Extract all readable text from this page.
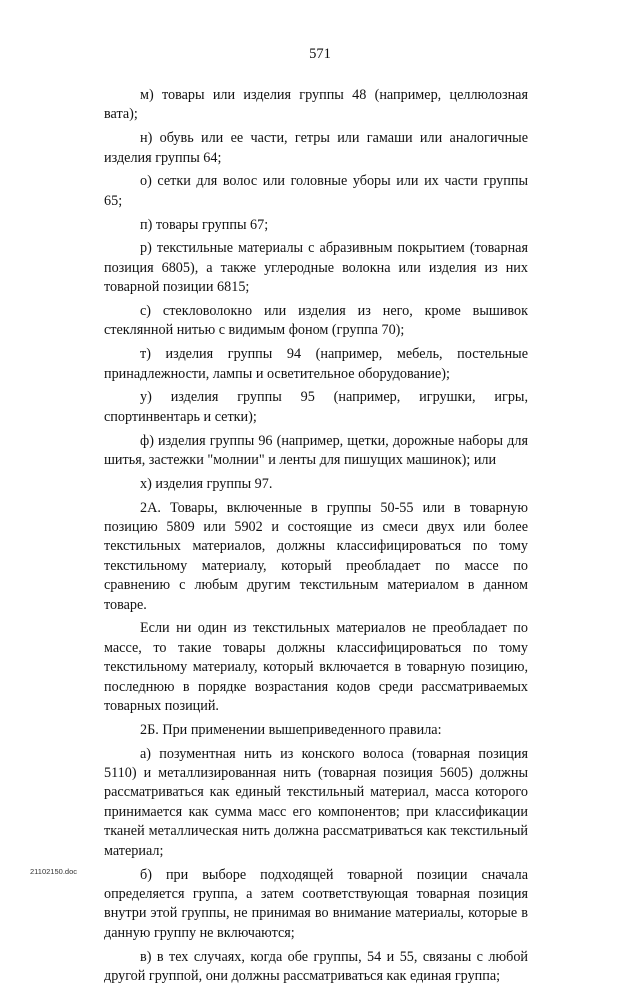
571

м) товары или изделия группы 48 (например, целлюлозная вата);

н) обувь или ее части, гетры или гамаши или аналогичные изделия группы 64;

о) сетки для волос или головные уборы или их части группы 65;

п) товары группы 67;

р) текстильные материалы с абразивным покрытием (товарная позиция 6805), а также углеродные волокна или изделия из них товарной позиции 6815;

с) стекловолокно или изделия из него, кроме вышивок стеклянной нитью с видимым фоном (группа 70);

т) изделия группы 94 (например, мебель, постельные принадлежности, лампы и осветительное оборудование);

у) изделия группы 95 (например, игрушки, игры, спортинвентарь и сетки);

ф) изделия группы 96 (например, щетки, дорожные наборы для шитья, застежки "молнии" и ленты для пишущих машинок); или

х) изделия группы 97.

2А. Товары, включенные в группы 50-55 или в товарную позицию 5809 или 5902 и состоящие из смеси двух или более текстильных материалов, должны классифицироваться по тому текстильному материалу, который преобладает по массе по сравнению с любым другим текстильным материалом в данном товаре.

Если ни один из текстильных материалов не преобладает по массе, то такие товары должны классифицироваться по тому текстильному материалу, который включается в товарную позицию, последнюю в порядке возрастания кодов среди рассматриваемых товарных позиций.

2Б. При применении вышеприведенного правила:

а) позументная нить из конского волоса (товарная позиция 5110) и металлизированная нить (товарная позиция 5605) должны рассматриваться как единый текстильный материал, масса которого принимается как сумма масс его компонентов; при классификации тканей металлическая нить должна рассматриваться как текстильный материал;

б) при выборе подходящей товарной позиции сначала определяется группа, а затем соответствующая товарная позиция внутри этой группы, не принимая во внимание материалы, которые в данную группу не включаются;

в) в тех случаях, когда обе группы, 54 и 55, связаны с любой другой группой, они должны рассматриваться как единая группа;

21102150.doc
